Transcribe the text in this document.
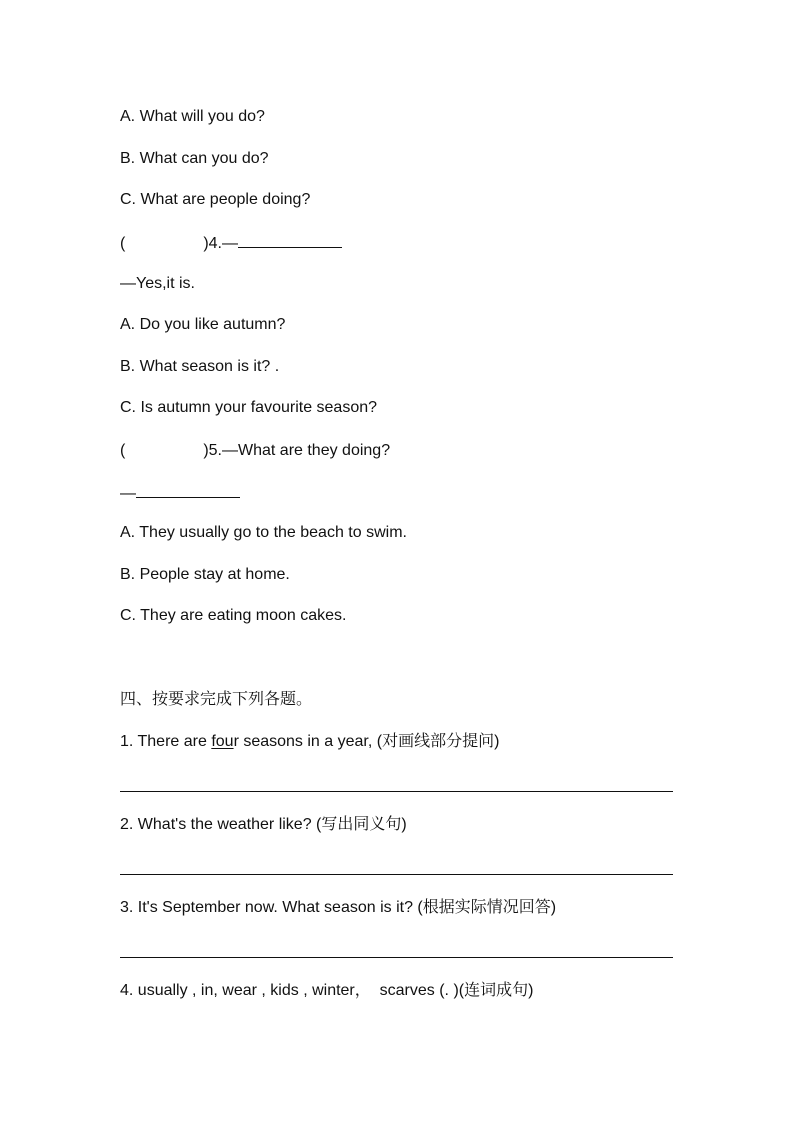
A. What will you do?
B. What can you do?
C. What are people doing?
(	)4.—
—Yes,it is.
A. Do you like autumn?
B. What season is it? .
C. Is autumn your favourite season?
(	)5.—What are they doing?
—
A. They usually go to the beach to swim.
B. People stay at home.
C. They are eating moon cakes.
四、按要求完成下列各题。
1. There are four seasons in a year, (对画线部分提问)
2. What's the weather like? (写出同义句)
3. It's September now. What season is it? (根据实际情况回答)
4. usually , in, wear , kids , winter，  scarves (. )(连词成句)
